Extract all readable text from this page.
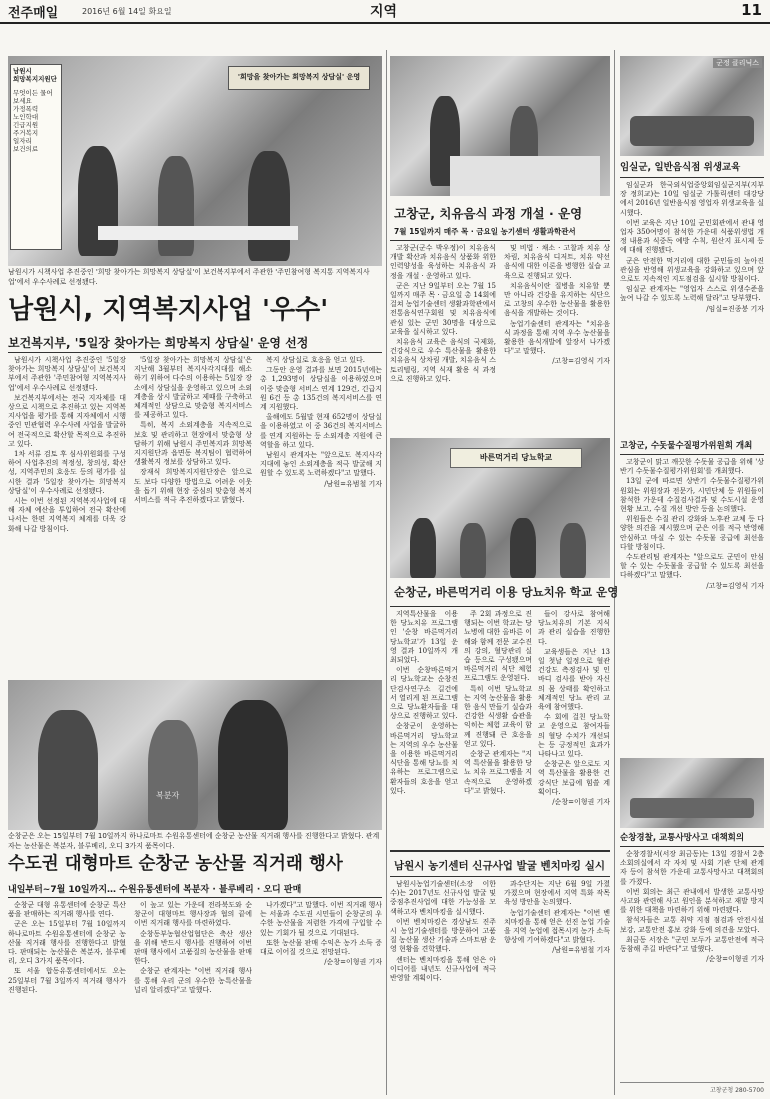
전주매일	2016년 6월 14일 화요일	지역	11
남원시
희망복지지원단
무엇이든 물어보세요
가정폭력
노인학대
긴급지원
주거복지
일자리
보건의료
'희망을 찾아가는 희망복지 상담실' 운영
남원시가 시책사업 추진중인 '희망 찾아가는 희망복지 상담실'이 보건복지부에서 주관한 '주민참여형 복지통 지역복지사업'에서 우수사례로 선정됐다.
남원시, 지역복지사업 '우수'
보건복지부, '5일장 찾아가는 희망복지 상담실' 운영 선정

남원시가 시책사업 추진중인 '5일장 찾아가는 희망복지 상담실'이 보건복지부에서 주관한 '주민참여형 지역복지사업'에서 우수사례로 선정됐다.

보건복지부에서는 전국 지자체를 대상으로 시책으로 추진하고 있는 지역복지사업을 평가를 통해 지자체에서 시행중인 민관협력 우수사례 사업을 발굴하여 전국적으로 확산할 목적으로 추진하고 있다.

1차 서류 검토 후 심사위원회를 구성하여 사업추진의 적정성, 창의성, 확산성, 지역주민의 호응도 등의 평가를 실시한 결과 '5일장 찾아가는 희망복지 상담실'이 우수사례로 선정됐다.

시는 이번 선정된 지역복지사업에 대해 자체 예산을 투입하여 전국 확산에 나서는 한편 지역복지 체계를 더욱 강화해 나갈 방침이다.

'5일장 찾아가는 희망복지 상담실'은 지난해 3월부터 복지사각지대를 해소하기 위하여 다수의 이용하는 5일장 장소에서 상담실을 운영하고 있으며 소외계층을 상시 발굴하고 제때를 구축하고 체계적인 상담으로 맞춤형 복지서비스를 제공하고 있다.

특히, 복지 소외계층을 지속적으로 보호 및 관리하고 현장에서 맞춤형 상담하기 위해 남원시 주민복지과 희망복지지원단과 읍면동 복지팀이 협력하여 생활복지 정보를 상담하고 있다.

장재식 희망복지지원단장은 앞으로도 보다 다양한 방법으로 어려운 이웃을 돕기 위해 현장 중심의 맞춤형 복지서비스를 적극 추진하겠다고 밝혔다.

복지 상담실로 호응을 얻고 있다.

그동안 운영 결과를 보면 2015년에는 총 1,293명이 상담실을 이용하였으며 이중 맞춤형 서비스 연계 129건, 긴급지원 6건 등 총 135건의 복지서비스를 연계 지원했다.

올해에도 5월말 현재 652명이 상담실을 이용하였고 이 중 36건의 복지서비스를 연계 지원하는 등 소외계층 지원에 큰 역할을 하고 있다.

남원시 관계자는 "앞으로도 복지사각지대에 놓인 소외계층을 적극 발굴해 지원할 수 있도록 노력하겠다"고 말했다.

/남원=유범철 기자

복분자
순창군은 오는 15일부터 7월 10일까지 하나로마트 수원유통센터에 순창군 농산물 직거래 행사를 진행한다고 밝혔다. 관계자는 농산물은 복분자, 블루베리, 오디 3가지 품목이다.
수도권 대형마트 순창군 농산물 직거래 행사
내일부터~7월 10일까지… 수원유통센터에 복분자 · 블루베리 · 오디 판매

순창군 대형 유통센터에 순창군 특산품을 판매하는 직거래 행사를 연다.

군은 오는 15일부터 7월 10일까지 하나로마트 수원유통센터에 순창군 농산물 직거래 행사를 진행한다고 밝혔다. 판매되는 농산물은 복분자, 블루베리, 오디 3가지 품목이다.

또 서울 합동유통센터에서도 오는 25일부터 7월 3일까지 직거래 행사가 진행된다.

이 높고 있는 가운데 전라북도와 순창군이 대형마트 행사장과 협의 끝에 이번 직거래 행사를 마련하였다.

순창동부농협산업협단은 축산 생산을 위해 반드시 행사를 진행하여 이번 판매 행사에서 고품질의 농산물을 판매한다.

순창군 관계자는 "이번 직거래 행사를 통해 우리 군의 우수한 농특산물을 널리 알리겠다"고 말했다.

나가겠다"고 말했다. 이번 직거래 행사는 서울과 수도권 시민들이 순창군의 우수한 농산물을 저렴한 가격에 구입할 수 있는 기회가 될 것으로 기대된다.

또한 농산물 판매 수익은 농가 소득 증대로 이어질 것으로 전망된다.

/순창=이형권 기자

고창군, 치유음식 과정 개설 · 운영
7월 15일까지 매주 목 · 금요일 농기센터 생활과학관서

고창군(군수 박우정)이 치유음식 개발 확산과 치유음식 상품화 위한 인력양성을 육성하는 치유음식 과정을 개설 · 운영하고 있다.

군은 지난 9일부터 오는 7월 15일까지 매주 목 · 금요일 총 14회에 걸쳐 농업기술센터 생활과학관에서 전통음식연구회원 및 치유음식에 관심 있는 군민 30명을 대상으로 교육을 실시하고 있다.

치유음식 교육은 음식의 국제화, 건강식으로 우수 특산물을 활용한 치유음식 상차림 개발, 치유음식 스토리텔링, 지역 식재 활용 식 과정으로 진행하고 있다.

및 비법 · 채소 · 고찰과 치유 상차림, 치유음식 디저트, 치유 약선음식에 대한 이론을 병행한 실습 교육으로 진행되고 있다.

치유음식이란 질병을 치유할 뿐만 아니라 건강을 유지하는 식단으로 고창의 우수한 농산물을 활용한 음식을 개발하는 것이다.

농업기술센터 관계자는 "치유음식 과정을 통해 지역 우수 농산물을 활용한 음식개발에 앞장서 나가겠다"고 말했다.

/고창=김영식 기자

바른먹거리 당뇨학교
순창군, 바른먹거리 이용 당뇨치유 학교 운영

지역특산물을 이용한 당뇨치유 프로그램인 '순창 바른먹거리 당뇨학교'가 13일 운영 결과 10일까지 개최되었다.

이번 순창바른먹거리 당뇨학교는 순창진단검사연구소 길건에서 열리게 된 프로그램으로 당뇨환자들을 대상으로 진행하고 있다.

순창군이 운영하는 바른먹거리 당뇨학교는 지역의 우수 농산물을 이용한 바른먹거리 식단을 통해 당뇨를 치유하는 프로그램으로 환자들의 호응을 얻고 있다.

주 2회 과정으로 진행되는 이번 학교는 당뇨병에 대한 올바른 이해와 함께 전문 교수진의 강의, 혈당관리 실습 등으로 구성됐으며 바른먹거리 식단 체험 프로그램도 운영된다.

특히 이번 당뇨학교는 지역 농산물을 활용한 음식 만들기 실습과 건강한 식생활 습관을 익히는 체험 교육이 함께 진행돼 큰 호응을 얻고 있다.

순창군 관계자는 "지역 특산물을 활용한 당뇨 치유 프로그램을 지속적으로 운영하겠다"고 밝혔다.

들이 강사로 참여해 당뇨치유의 기본 지식과 관리 실습을 진행한다.

교육생들은 지난 13일 첫날 일정으로 혈관 건강도 측정검사 및 인바디 검사를 받아 자신의 몸 상태를 확인하고 체계적인 당뇨 관리 교육에 참여했다.

수 회에 걸친 당뇨학교 운영으로 참여자들의 혈당 수치가 개선되는 등 긍정적인 효과가 나타나고 있다.

순창군은 앞으로도 지역 특산물을 활용한 건강식단 보급에 힘쓸 계획이다.

/순창=이형권 기자

남원시 농기센터 신규사업 발굴 벤치마킹 실시

남원시농업기술센터(소장 이한수)는 2017년도 신규사업 발굴 및 중점추진사업에 대한 가능성을 모색하고자 벤치마킹을 실시했다.

이번 벤치마킹은 경상남도 진주시 농업기술센터를 방문하여 고품질 농산물 생산 기술과 스마트팜 운영 현황을 견학했다.

센터는 벤치마킹을 통해 얻은 아이디어를 내년도 신규사업에 적극 반영할 계획이다.

과수단지는 지난 6월 9일 가졌 가졌으며 현장에서 지역 특화 작목 육성 방안을 논의했다.

농업기술센터 관계자는 "이번 벤치마킹을 통해 얻은 선진 농업 기술을 지역 농업에 접목시켜 농가 소득 향상에 기여하겠다"고 밝혔다.

/남원=유범철 기자

군정 클리닉스
임실군, 일반음식점 위생교육

임실군과 한국외식업중앙회임실군지부(지부장 정희교)는 10일 임실군 가톨릭센터 대강당에서 2016년 일반음식점 영업자 위생교육을 실시했다.

이번 교육은 지난 10일 군민회관에서 관내 영업자 350여명이 참석한 가운데 식품위생법 개정 내용과 식중독 예방 수칙, 원산지 표시제 등에 대해 진행됐다.

군은 안전한 먹거리에 대한 군민들의 높아진 관심을 반영해 위생교육을 강화하고 있으며 앞으로도 지속적인 지도점검을 실시할 방침이다.

임실군 관계자는 "영업자 스스로 위생수준을 높여 나갈 수 있도록 노력해 달라"고 당부했다.

/임실=진종붕 기자

고창군, 수돗물수질평가위원회 개최

고창군이 맑고 깨끗한 수돗물 공급을 위해 '상반기 수돗물수질평가위원회'를 개최했다.

13일 군에 따르면 상반기 수돗물수질평가위원회는 위원장과 전문가, 시민단체 등 위원들이 참석한 가운데 수질검사결과 및 수도시설 운영현황 보고, 수질 개선 방안 등을 논의했다.

위원들은 수질 관리 강화와 노후관 교체 등 다양한 의견을 제시했으며 군은 이를 적극 반영해 안심하고 마실 수 있는 수돗물 공급에 최선을 다할 방침이다.

수도관리팀 관계자는 "앞으로도 군민이 안심할 수 있는 수돗물을 공급할 수 있도록 최선을 다하겠다"고 말했다.

/고창=김영식 기자

순창경찰, 교통사망사고 대책회의

순창경찰서(서장 최금동)는 13일 경찰서 2층 소회의실에서 각 자치 및 사회 기관 단체 관계자 등이 참석한 가운데 교통사망사고 대책회의를 가졌다.

이번 회의는 최근 관내에서 발생한 교통사망사고와 관련해 사고 원인을 분석하고 재발 방지를 위한 대책을 마련하기 위해 마련됐다.

참석자들은 교통 취약 지점 점검과 안전시설 보강, 교통안전 홍보 강화 등에 의견을 모았다.

최금동 서장은 "군민 모두가 교통안전에 적극 동참해 주길 바란다"고 말했다.

/순창=이형권 기자

고창군청 280-5700
